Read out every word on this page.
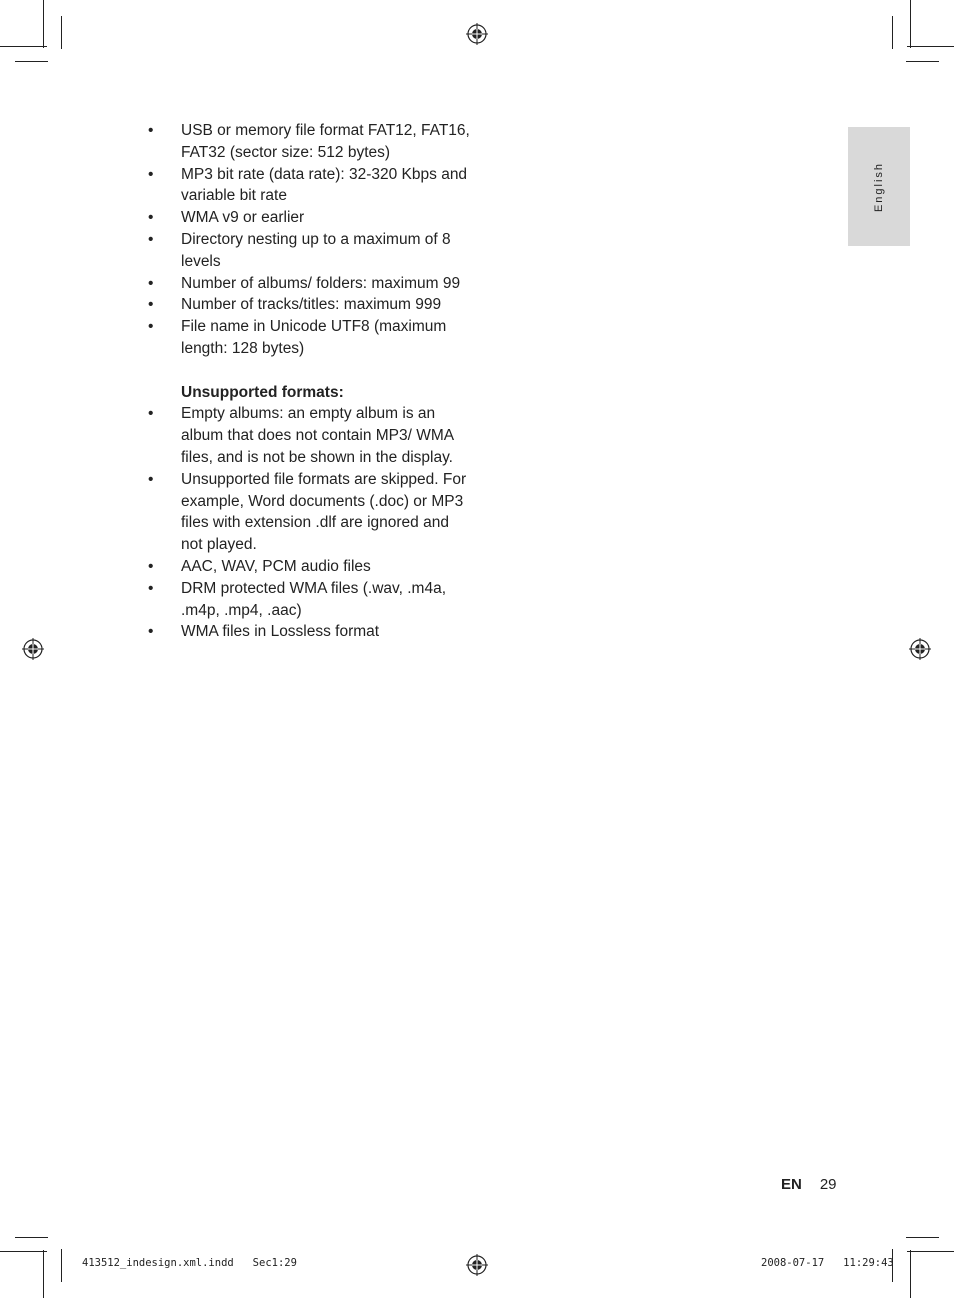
English
• USB or memory file format FAT12, FAT16, FAT32 (sector size: 512 bytes)
• MP3 bit rate (data rate): 32-320 Kbps and variable bit rate
• WMA v9 or earlier
• Directory nesting up to a maximum of 8 levels
• Number of albums/ folders: maximum 99
• Number of tracks/titles: maximum 999
• File name in Unicode UTF8 (maximum length: 128 bytes)
Unsupported formats:
• Empty albums: an empty album is an album that does not contain MP3/ WMA files, and is not be shown in the display.
• Unsupported file formats are skipped. For example, Word documents (.doc) or MP3 files with extension .dlf are ignored and not played.
• AAC, WAV, PCM audio files
• DRM protected WMA files (.wav, .m4a, .m4p, .mp4, .aac)
• WMA files in Lossless format
EN 29
413512_indesign.xml.indd   Sec1:29	2008-07-17   11:29:43
